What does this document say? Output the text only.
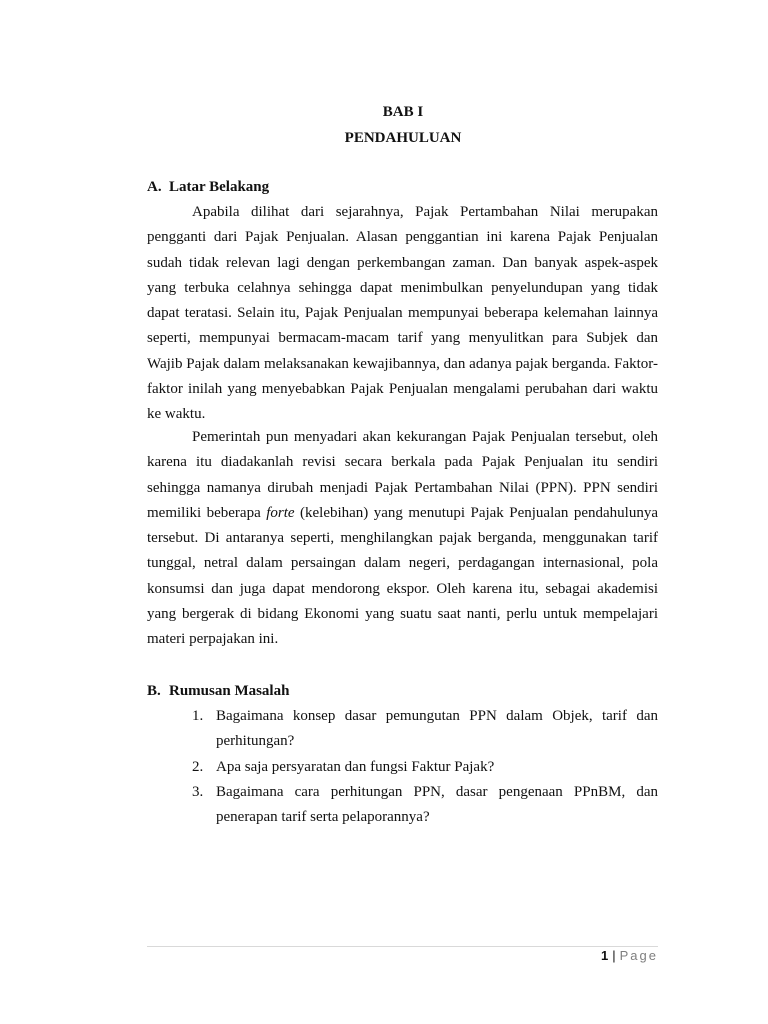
BAB I

PENDAHULUAN

A. Latar Belakang

Apabila dilihat dari sejarahnya, Pajak Pertambahan Nilai merupakan pengganti dari Pajak Penjualan. Alasan penggantian ini karena Pajak Penjualan sudah tidak relevan lagi dengan perkembangan zaman. Dan banyak aspek-aspek yang terbuka celahnya sehingga dapat menimbulkan penyelundupan yang tidak dapat teratasi. Selain itu, Pajak Penjualan mempunyai beberapa kelemahan lainnya seperti, mempunyai bermacam-macam tarif yang menyulitkan para Subjek dan Wajib Pajak dalam melaksanakan kewajibannya, dan adanya pajak berganda. Faktor-faktor inilah yang menyebabkan Pajak Penjualan mengalami perubahan dari waktu ke waktu.

Pemerintah pun menyadari akan kekurangan Pajak Penjualan tersebut, oleh karena itu diadakanlah revisi secara berkala pada Pajak Penjualan itu sendiri sehingga namanya dirubah menjadi Pajak Pertambahan Nilai (PPN). PPN sendiri memiliki beberapa forte (kelebihan) yang menutupi Pajak Penjualan pendahulunya tersebut. Di antaranya seperti, menghilangkan pajak berganda, menggunakan tarif tunggal, netral dalam persaingan dalam negeri, perdagangan internasional, pola konsumsi dan juga dapat mendorong ekspor. Oleh karena itu, sebagai akademisi yang bergerak di bidang Ekonomi yang suatu saat nanti, perlu untuk mempelajari materi perpajakan ini.

B. Rumusan Masalah

1. Bagaimana konsep dasar pemungutan PPN dalam Objek, tarif dan perhitungan?
2. Apa saja persyaratan dan fungsi Faktur Pajak?
3. Bagaimana cara perhitungan PPN, dasar pengenaan PPnBM, dan penerapan tarif serta pelaporannya?
1 | Page
